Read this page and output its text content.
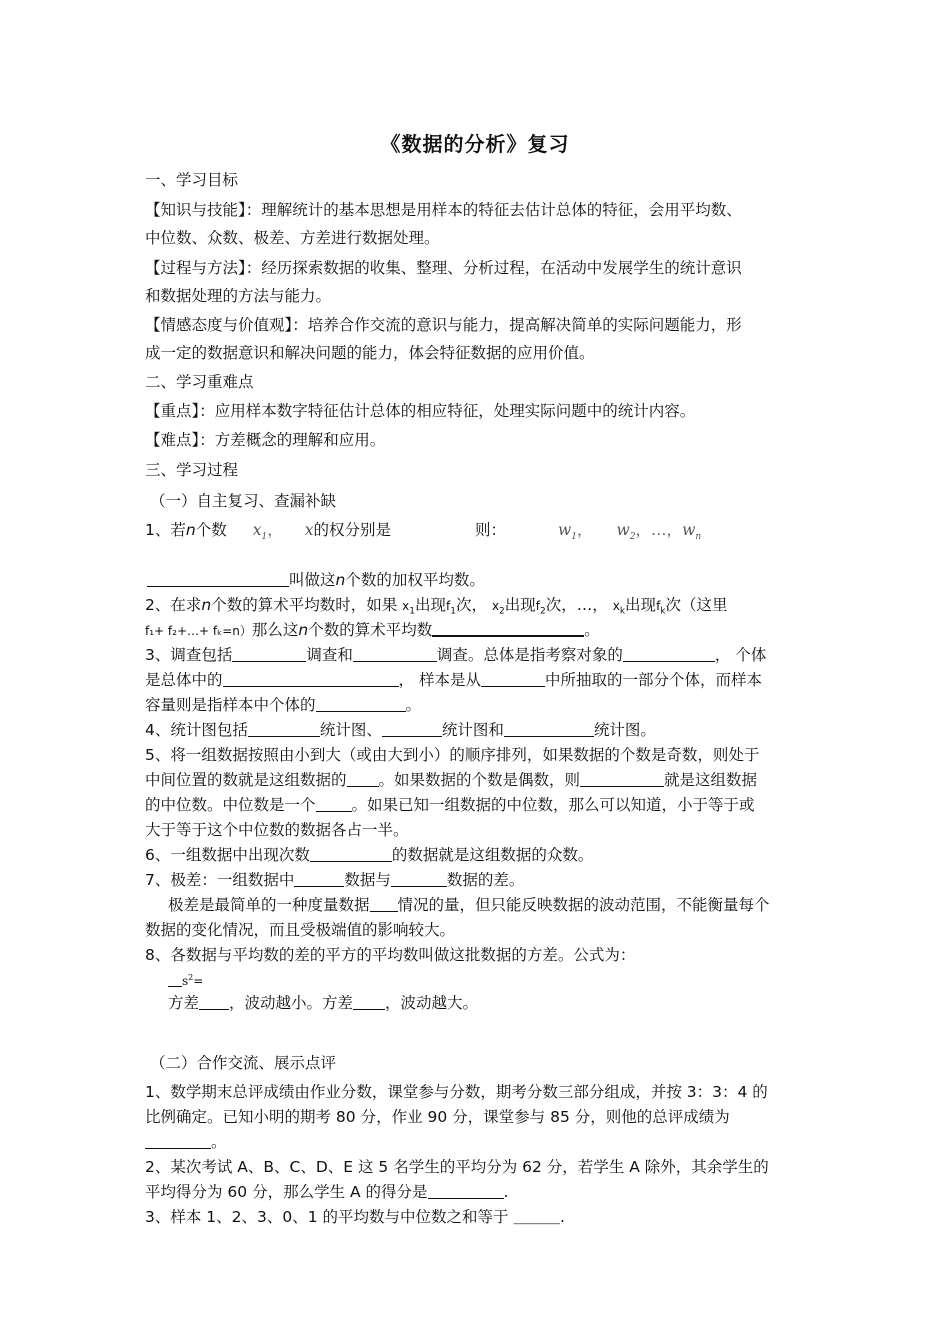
《数据的分析》复习
一、学习目标
【知识与技能】：理解统计的基本思想是用样本的特征去估计总体的特征，会用平均数、
中位数、众数、极差、方差进行数据处理。
【过程与方法】：经历探索数据的收集、整理、分析过程，在活动中发展学生的统计意识
和数据处理的方法与能力。
【情感态度与价值观】：培养合作交流的意识与能力，提高解决简单的实际问题能力，形
成一定的数据意识和解决问题的能力，体会特征数据的应用价值。
二、学习重难点
【重点】：应用样本数字特征估计总体的相应特征，处理实际问题中的统计内容。
【难点】：方差概念的理解和应用。
三、学习过程
（一）自主复习、查漏补缺
1、若n个数 $x_1$， x的权分别是	则：	$w_1$， $w_2$，…，$w_n$
叫做这n个数的加权平均数。
2、在求n个数的算术平均数时，如果 $x_1$出现$f_1$次， $x_2$出现$f_2$次，…， $x_k$出现$f_k$次（这里
f₁+ f₂+…+ fₖ=n）那么这n个数的算术平均数	。
3、调查包括	调查和	调查。总体是指考察对象的	， 个体
是总体中的	， 样本是从	中所抽取的一部分个体，而样本
容量则是指样本中个体的	。
4、统计图包括	统计图、	统计图和	统计图。
5、将一组数据按照由小到大（或由大到小）的顺序排列，如果数据的个数是奇数，则处于
中间位置的数就是这组数据的 。如果数据的个数是偶数，则	就是这组数据
的中位数。中位数是一个 。如果已知一组数据的中位数，那么可以知道，小于等于或
大于等于这个中位数的数据各占一半。
6、一组数据中出现次数	的数据就是这组数据的众数。
7、极差：一组数据中	数据与	数据的差。
极差是最简单的一种度量数据 情况的量，但只能反映数据的波动范围，不能衡量每个
数据的变化情况，而且受极端值的影响较大。
8、各数据与平均数的差的平方的平均数叫做这批数据的方差。公式为：
$s^2=$
方差 ，波动越小。方差 ，波动越大。
（二）合作交流、展示点评
1、数学期末总评成绩由作业分数，课堂参与分数，期考分数三部分组成，并按 3：3：4 的
比例确定。已知小明的期考 80 分，作业 90 分，课堂参与 85 分，则他的总评成绩为
。
2、某次考试 A、B、C、D、E 这 5 名学生的平均分为 62 分，若学生 A 除外，其余学生的
平均得分为 60 分，那么学生 A 的得分是	.
3、样本 1、2、3、0、1 的平均数与中位数之和等于 ＿＿＿.
